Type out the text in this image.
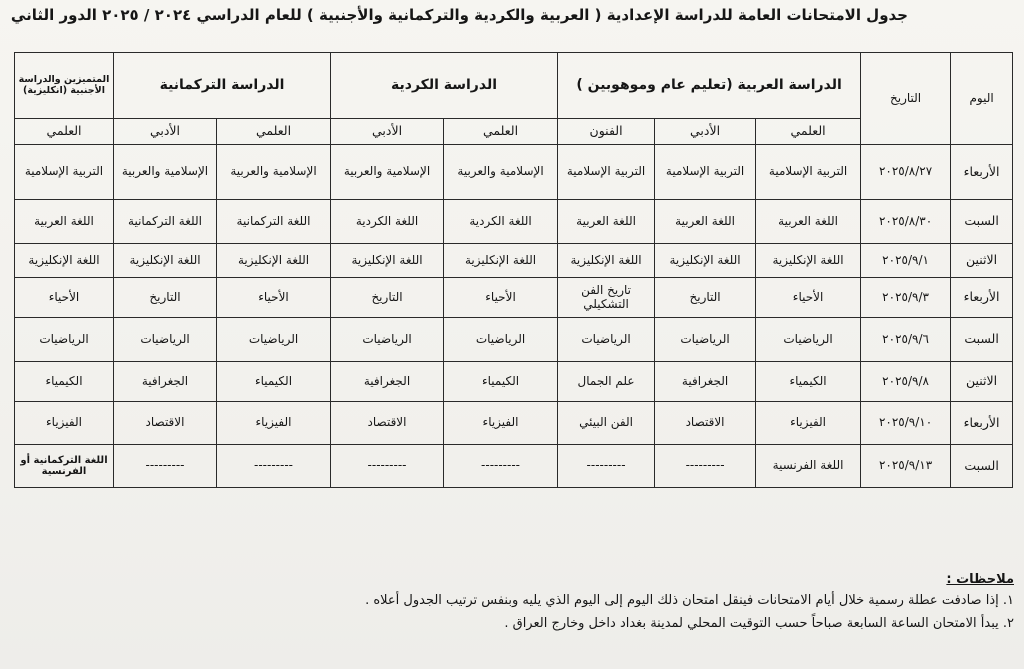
جدول الامتحانات العامة للدراسة الإعدادية ( العربية والكردية والتركمانية والأجنبية ) للعام الدراسي ٢٠٢٤ / ٢٠٢٥ الدور الثاني
اليوم	التاريخ	الدراسة العربية (تعليم عام وموهوبين )			الدراسة الكردية		الدراسة التركمانية		المتميزين والدراسة الأجنبية (انكليزية)
		العلمي	الأدبي	الفنون	العلمي	الأدبي	العلمي	الأدبي	العلمي
الأربعاء	٢٠٢٥/٨/٢٧	التربية الإسلامية	التربية الإسلامية	التربية الإسلامية	الإسلامية والعربية	الإسلامية والعربية	الإسلامية والعربية	الإسلامية والعربية	التربية الإسلامية
السبت	٢٠٢٥/٨/٣٠	اللغة العربية	اللغة العربية	اللغة العربية	اللغة الكردية	اللغة الكردية	اللغة التركمانية	اللغة التركمانية	اللغة العربية
الاثنين	٢٠٢٥/٩/١	اللغة الإنكليزية	اللغة الإنكليزية	اللغة الإنكليزية	اللغة الإنكليزية	اللغة الإنكليزية	اللغة الإنكليزية	اللغة الإنكليزية	اللغة الإنكليزية
الأربعاء	٢٠٢٥/٩/٣	الأحياء	التاريخ	تاريخ الفن التشكيلي	الأحياء	التاريخ	الأحياء	التاريخ	الأحياء
السبت	٢٠٢٥/٩/٦	الرياضيات	الرياضيات	الرياضيات	الرياضيات	الرياضيات	الرياضيات	الرياضيات	الرياضيات
الاثنين	٢٠٢٥/٩/٨	الكيمياء	الجغرافية	علم الجمال	الكيمياء	الجغرافية	الكيمياء	الجغرافية	الكيمياء
الأربعاء	٢٠٢٥/٩/١٠	الفيزياء	الاقتصاد	الفن البيئي	الفيزياء	الاقتصاد	الفيزياء	الاقتصاد	الفيزياء
السبت	٢٠٢٥/٩/١٣	اللغة الفرنسية	---------	---------	---------	---------	---------	---------	اللغة التركمانية أو الفرنسية
ملاحظات :
١. إذا صادفت عطلة رسمية خلال أيام الامتحانات فينقل امتحان ذلك اليوم إلى اليوم الذي يليه وبنفس ترتيب الجدول أعلاه .
٢. يبدأ الامتحان الساعة السابعة صباحاً حسب التوقيت المحلي لمدينة بغداد داخل وخارج العراق .
